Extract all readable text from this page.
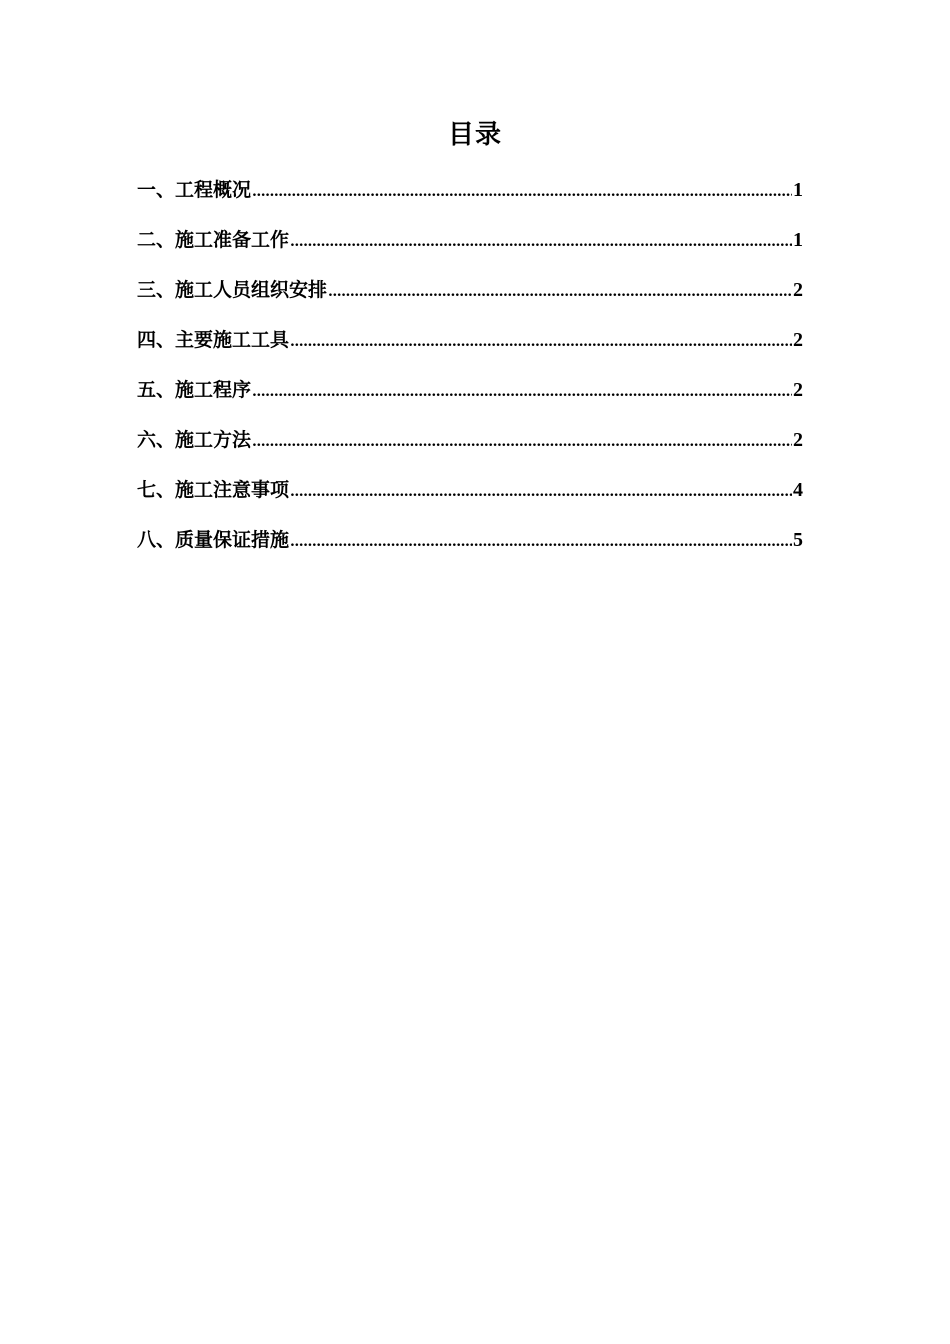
目录
一、 工程概况 .....	1
二、 施工准备工作 .....	1
三、 施工人员组织安排 .....	2
四、 主要施工工具 .....	2
五、 施工程序 .....	2
六、 施工方法 .....	2
七、 施工注意事项 .....	4
八、 质量保证措施 .....	5
